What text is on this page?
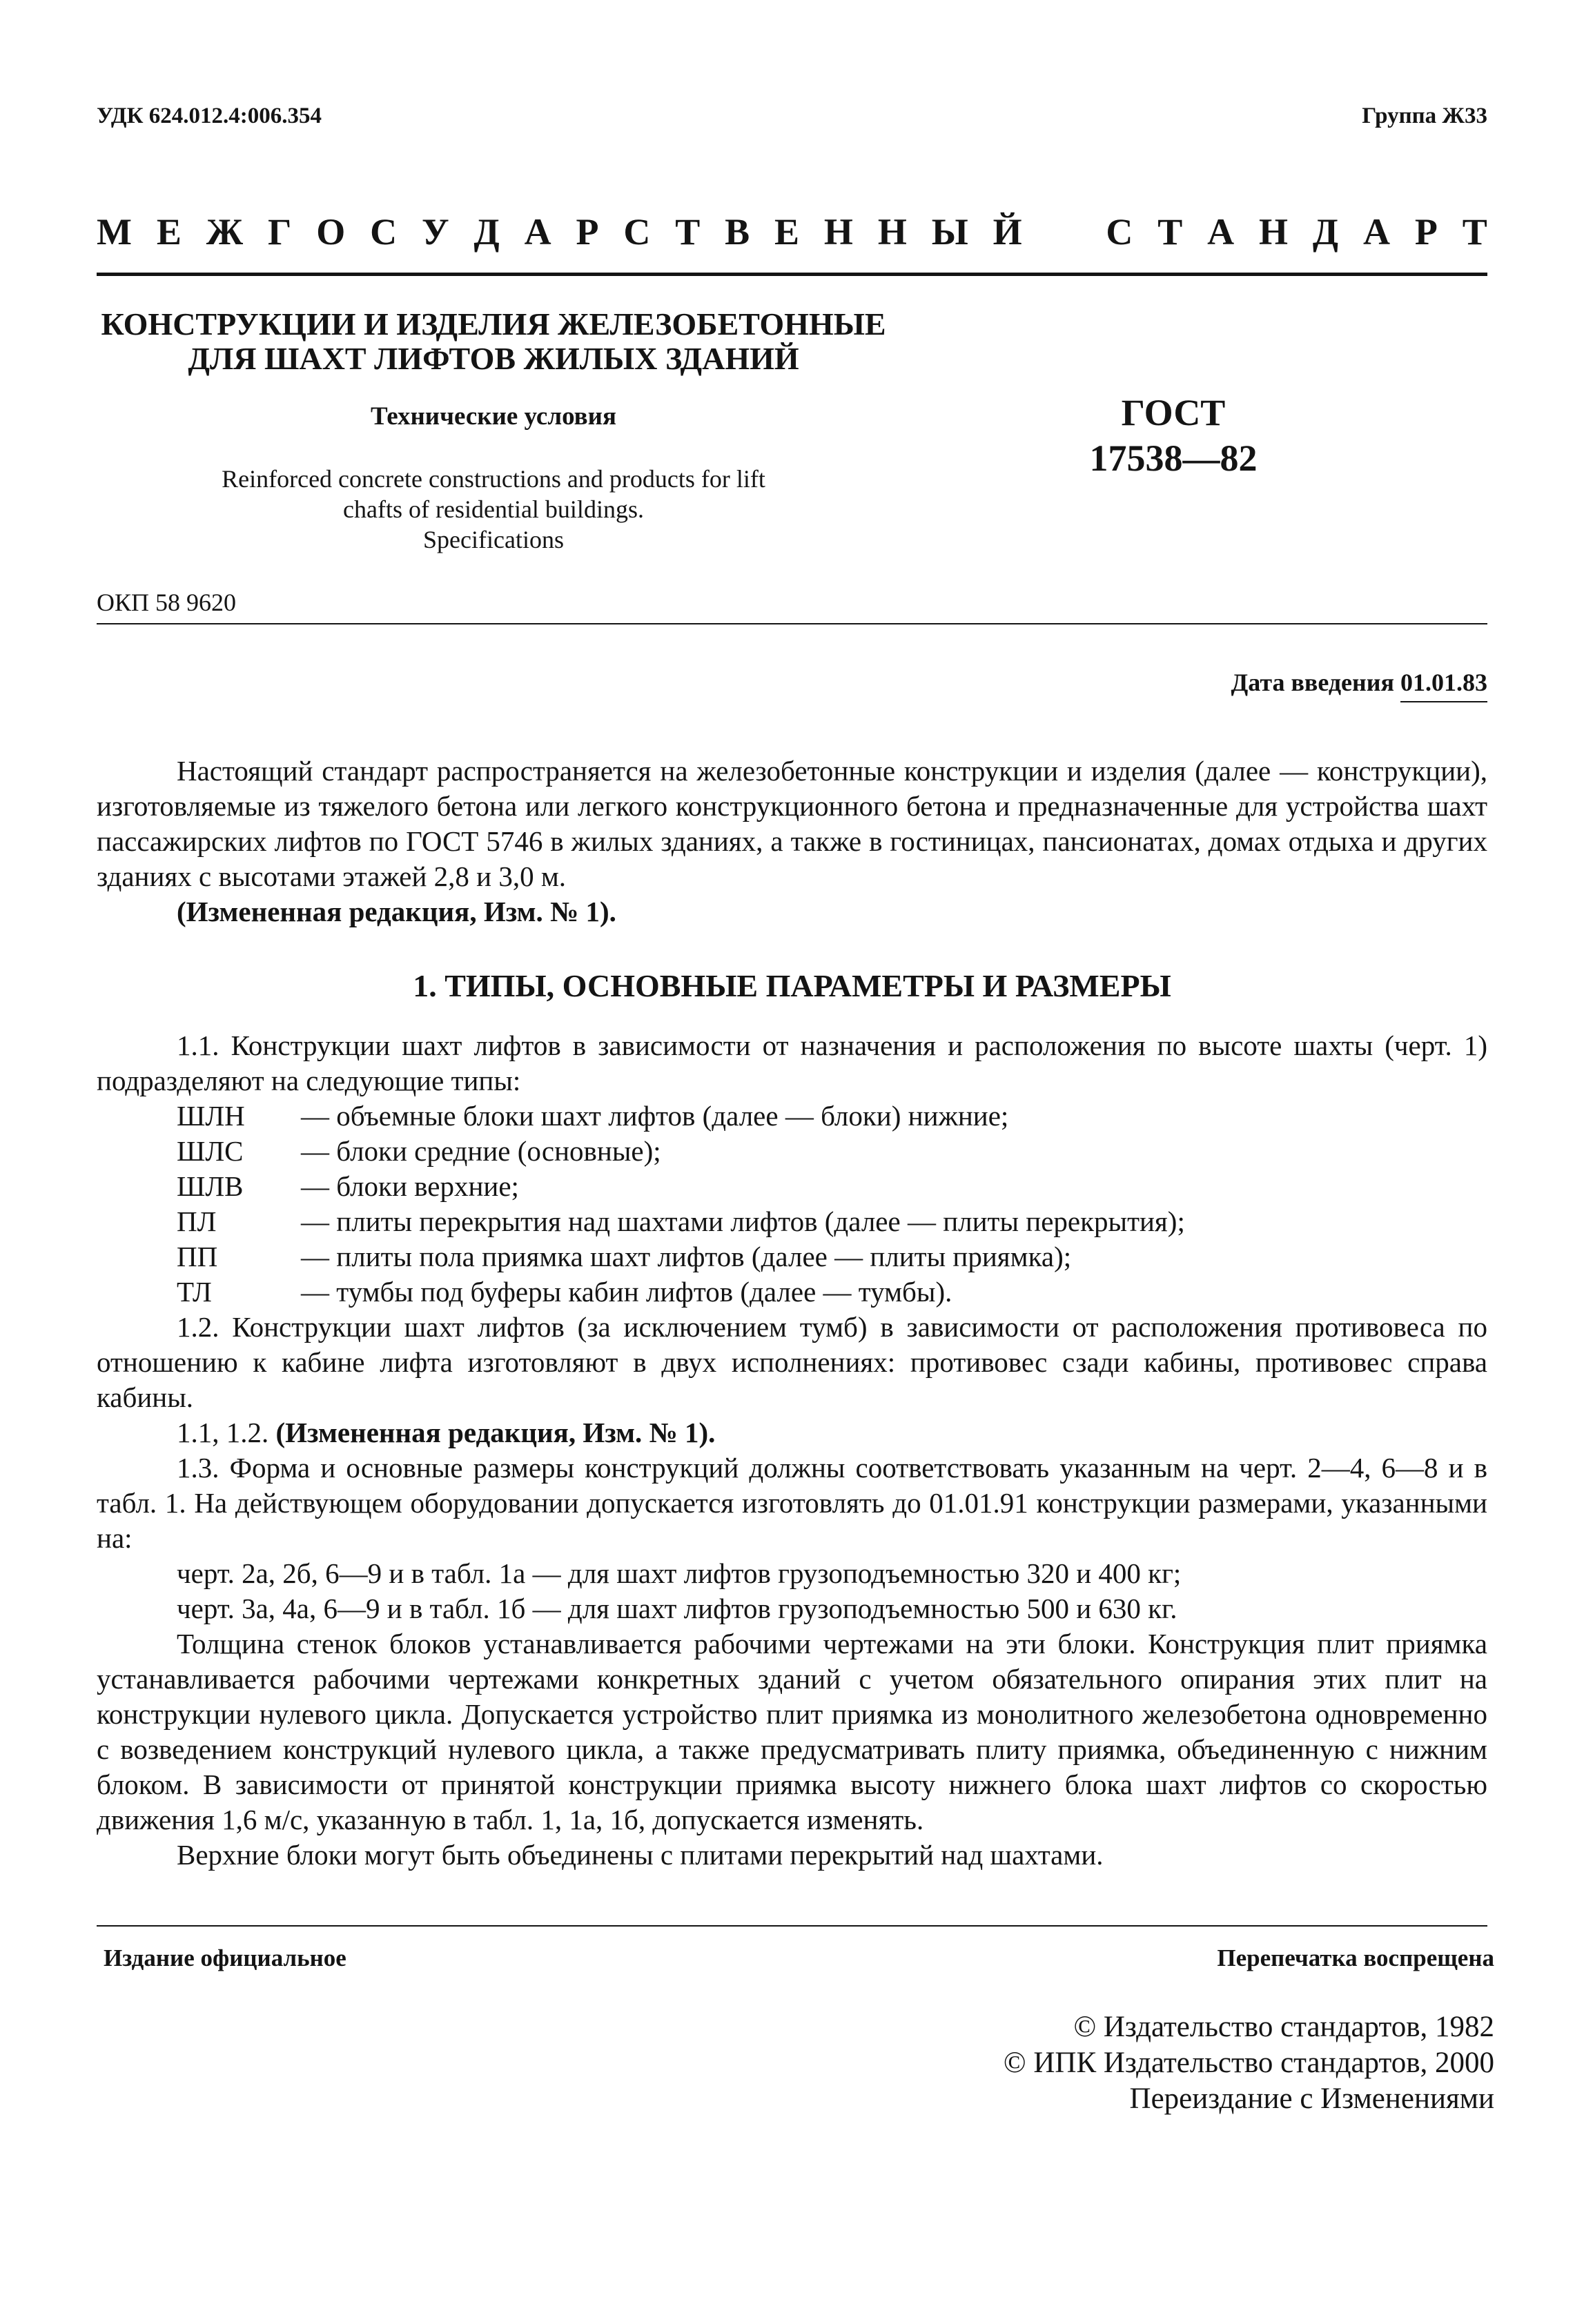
УДК 624.012.4:006.354	Группа Ж33
М Е Ж Г О С У Д А Р С Т В Е Н Н Ы Й С Т А Н Д А Р Т
КОНСТРУКЦИИ И ИЗДЕЛИЯ ЖЕЛЕЗОБЕТОННЫЕ
ДЛЯ ШАХТ ЛИФТОВ ЖИЛЫХ ЗДАНИЙ
Технические условия
Reinforced concrete constructions and products for lift
chafts of residential buildings.
Specifications
ГОСТ
17538—82
ОКП 58 9620
Дата введения 01.01.83

Настоящий стандарт распространяется на железобетонные конструкции и изделия (далее — конструкции), изготовляемые из тяжелого бетона или легкого конструкционного бетона и предназначенные для устройства шахт пассажирских лифтов по ГОСТ 5746 в жилых зданиях, а также в гостиницах, пансионатах, домах отдыха и других зданиях с высотами этажей 2,8 и 3,0 м.

(Измененная редакция, Изм. № 1).

1. ТИПЫ, ОСНОВНЫЕ ПАРАМЕТРЫ И РАЗМЕРЫ

1.1. Конструкции шахт лифтов в зависимости от назначения и расположения по высоте шахты (черт. 1) подразделяют на следующие типы:

ШЛН	— объемные блоки шахт лифтов (далее — блоки) нижние;
ШЛС	— блоки средние (основные);
ШЛВ	— блоки верхние;
ПЛ	— плиты перекрытия над шахтами лифтов (далее — плиты перекрытия);
ПП	— плиты пола приямка шахт лифтов (далее — плиты приямка);
ТЛ	— тумбы под буферы кабин лифтов (далее — тумбы).

1.2. Конструкции шахт лифтов (за исключением тумб) в зависимости от расположения противовеса по отношению к кабине лифта изготовляют в двух исполнениях: противовес сзади кабины, противовес справа кабины.

1.1, 1.2. (Измененная редакция, Изм. № 1).

1.3. Форма и основные размеры конструкций должны соответствовать указанным на черт. 2—4, 6—8 и в табл. 1. На действующем оборудовании допускается изготовлять до 01.01.91 конструкции размерами, указанными на:

черт. 2а, 2б, 6—9 и в табл. 1а — для шахт лифтов грузоподъемностью 320 и 400 кг;

черт. 3а, 4а, 6—9 и в табл. 1б — для шахт лифтов грузоподъемностью 500 и 630 кг.

Толщина стенок блоков устанавливается рабочими чертежами на эти блоки. Конструкция плит приямка устанавливается рабочими чертежами конкретных зданий с учетом обязательного опирания этих плит на конструкции нулевого цикла. Допускается устройство плит приямка из монолитного железобетона одновременно с возведением конструкций нулевого цикла, а также предусматривать плиту приямка, объединенную с нижним блоком. В зависимости от принятой конструкции приямка высоту нижнего блока шахт лифтов со скоростью движения 1,6 м/с, указанную в табл. 1, 1а, 1б, допускается изменять.

Верхние блоки могут быть объединены с плитами перекрытий над шахтами.

Издание официальное	Перепечатка воспрещена
© Издательство стандартов, 1982
© ИПК Издательство стандартов, 2000
Переиздание с Изменениями
